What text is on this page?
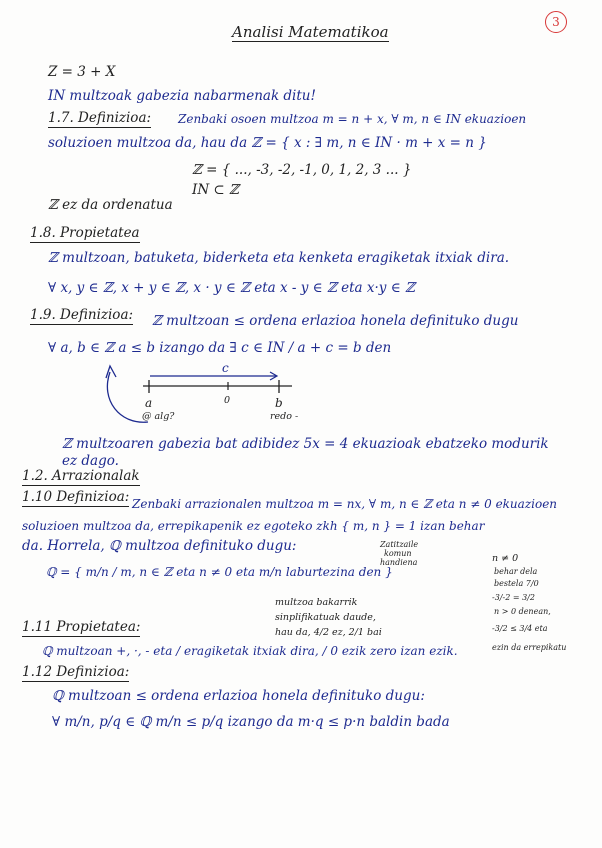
Analisi Matematikoa
3
Z = 3 + X
IN multzoak gabezia nabarmenak ditu!
1.7. Definizioa: Zenbaki osoen multzoa m = n + x, ∀ m, n ∈ IN ekuazioen
soluzioen multzoa da, hau da ℤ = { x : ∃ m, n ∈ IN · m + x = n }
ℤ = { ..., -3, -2, -1, 0, 1, 2, 3 ... }
IN ⊂ ℤ
ℤ ez da ordenatua
1.8. Propietatea
ℤ multzoan, batuketa, biderketa eta kenketa eragiketak itxiak dira.
∀ x, y ∈ ℤ, x + y ∈ ℤ, x · y ∈ ℤ eta x - y ∈ ℤ eta x·y ∈ ℤ
1.9. Definizioa: ℤ multzoan ≤ ordena erlazioa honela definituko dugu
∀ a, b ∈ ℤ a ≤ b izango da ∃ c ∈ IN / a + c = b den
c
0
a	b
@ alg?	redo -
ℤ multzoaren gabezia bat adibidez 5x = 4 ekuazioak ebatzeko modurik
ez dago.
1.2. Arrazionalak
1.10 Definizioa: Zenbaki arrazionalen multzoa m = nx, ∀ m, n ∈ ℤ eta n ≠ 0 ekuazioen
soluzioen multzoa da, errepikapenik ez egoteko zkh { m, n } = 1 izan behar
da. Horrela, ℚ multzoa definituko dugu:	Zatitzaile
komun
handiena
ℚ = { m/n / m, n ∈ ℤ eta n ≠ 0 eta m/n laburtezina den }
multzoa bakarrik
sinplifikatuak daude,
hau da, 4/2 ez, 2/1 bai
n ≠ 0
behar dela
bestela 7/0
-3/-2 = 3/2
n > 0 denean,
-3/2 ≤ 3/4 eta
ezin da errepikatu
1.11 Propietatea:
ℚ multzoan +, ·, - eta / eragiketak itxiak dira, / 0 ezik zero izan ezik.
1.12 Definizioa:
ℚ multzoan ≤ ordena erlazioa honela definituko dugu:
∀ m/n, p/q ∈ ℚ m/n ≤ p/q izango da m·q ≤ p·n baldin bada
